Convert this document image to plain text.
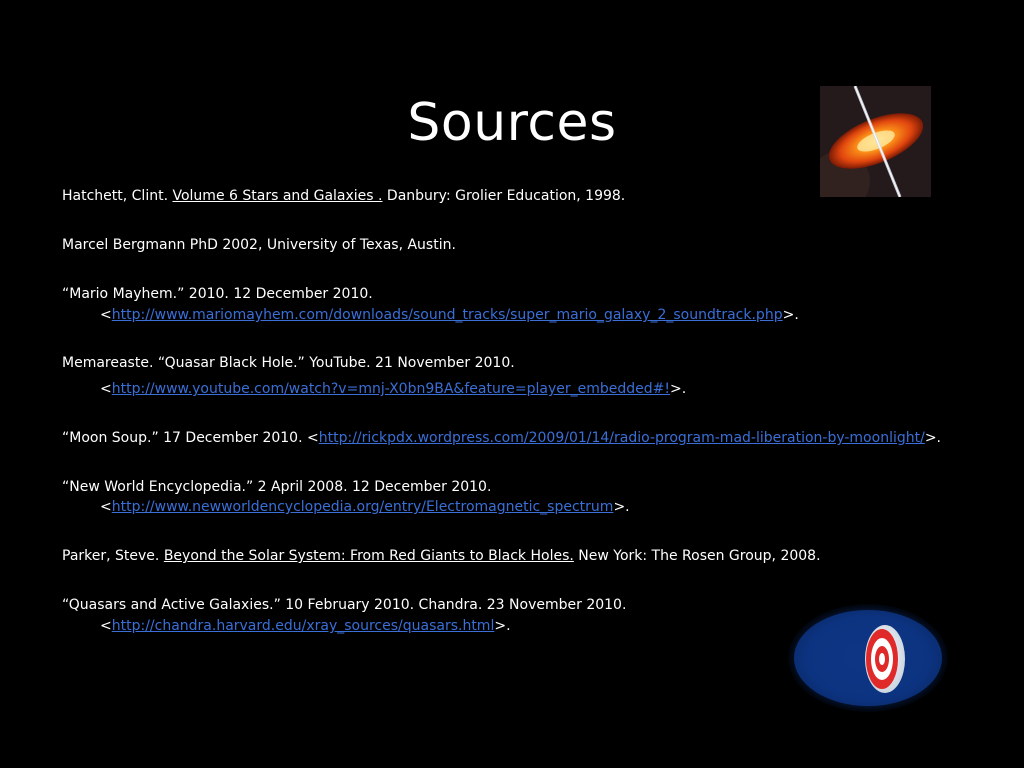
Sources
Hatchett, Clint. Volume 6 Stars and Galaxies . Danbury: Grolier Education, 1998.
Marcel Bergmann PhD 2002, University of Texas, Austin.
“Mario Mayhem.” 2010. 12 December 2010.
<http://www.mariomayhem.com/downloads/sound_tracks/super_mario_galaxy_2_soundtrack.php>.
Memareaste. “Quasar Black Hole.” YouTube. 21 November 2010.
<http://www.youtube.com/watch?v=mnj-X0bn9BA&feature=player_embedded#!>.
“Moon Soup.” 17 December 2010. <http://rickpdx.wordpress.com/2009/01/14/radio-program-mad-liberation-by-moonlight/>.
“New World Encyclopedia.” 2 April 2008. 12 December 2010.
<http://www.newworldencyclopedia.org/entry/Electromagnetic_spectrum>.
Parker, Steve. Beyond the Solar System: From Red Giants to Black Holes. New York: The Rosen Group, 2008.
“Quasars and Active Galaxies.” 10 February 2010. Chandra. 23 November 2010.
<http://chandra.harvard.edu/xray_sources/quasars.html>.
